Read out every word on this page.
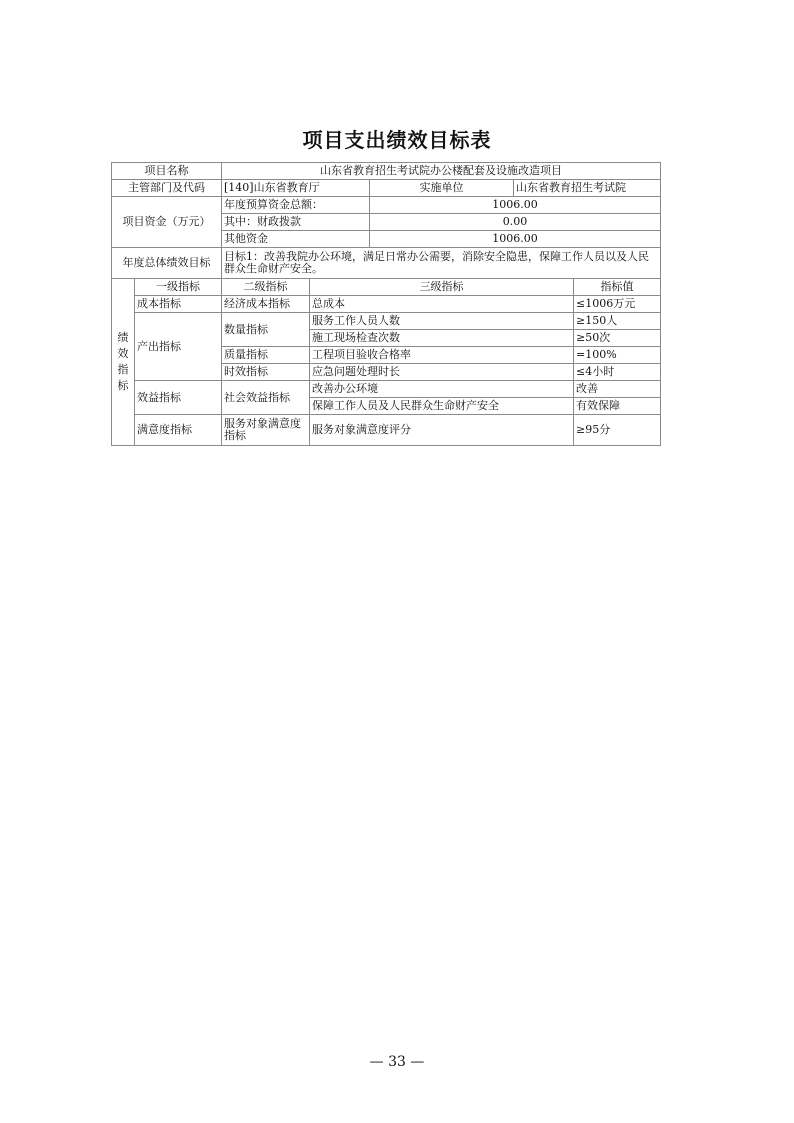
项目支出绩效目标表
项目名称		山东省教育招生考试院办公楼配套及设施改造项目				
主管部门及代码		[140]山东省教育厅		实施单位	山东省教育招生考试院	
项目资金（万元）		年度预算资金总额：		1006.00		
		其中：财政拨款		0.00		
		其他资金		1006.00		
年度总体绩效目标		目标1：改善我院办公环境，满足日常办公需要，消除安全隐患，保障工作人员以及人民群众生命财产安全。				

绩
效
指
标	一级指标	二级指标	三级指标			指标值
	成本指标	经济成本指标	总成本			≤1006万元
	产出指标	数量指标	服务工作人员人数			≥150人
			施工现场检查次数			≥50次
		质量指标	工程项目验收合格率			=100%
		时效指标	应急问题处理时长			≤4小时
	效益指标	社会效益指标	改善办公环境			改善
			保障工作人员及人民群众生命财产安全			有效保障
	满意度指标	服务对象满意度指标	服务对象满意度评分			≥95分
— 33 —
